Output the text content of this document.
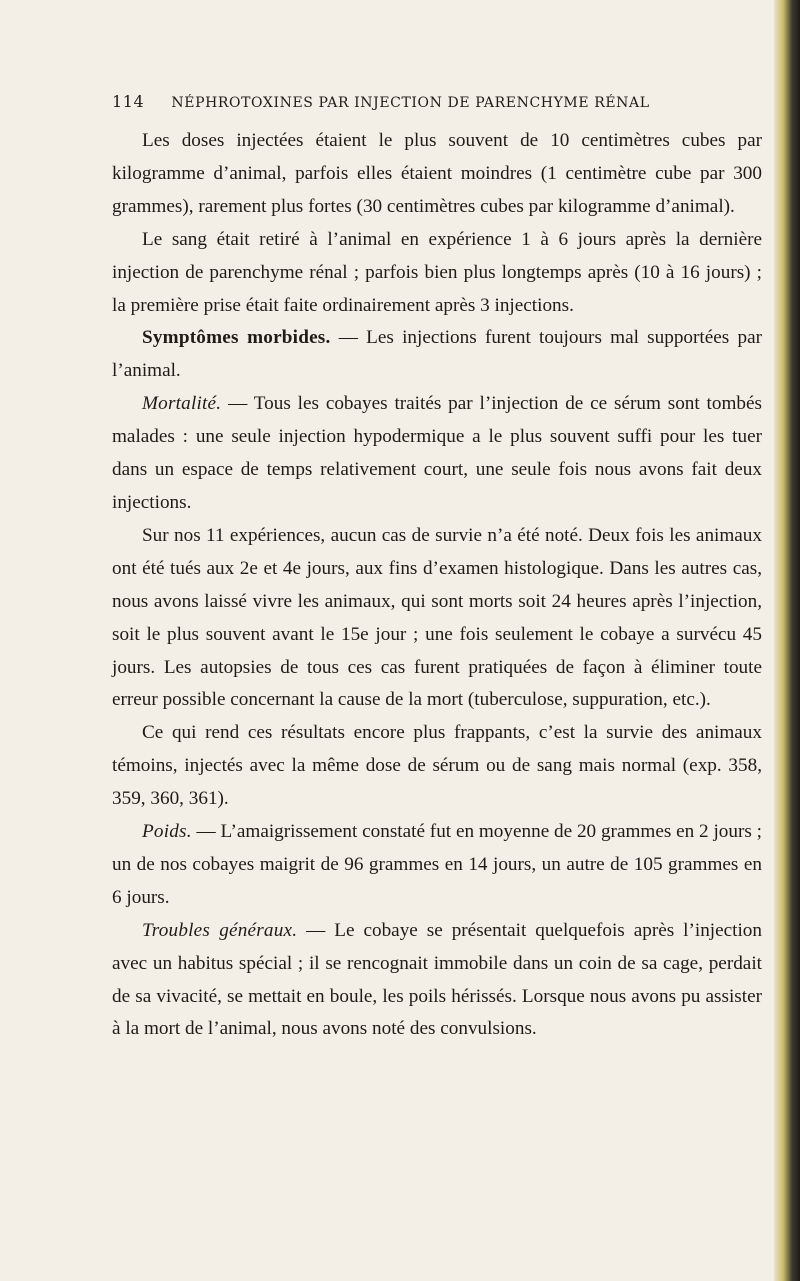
114 NÉPHROTOXINES PAR INJECTION DE PARENCHYME RÉNAL

Les doses injectées étaient le plus souvent de 10 centimètres cubes par kilogramme d’animal, parfois elles étaient moindres (1 centimètre cube par 300 grammes), rarement plus fortes (30 centimètres cubes par kilogramme d’animal).

Le sang était retiré à l’animal en expérience 1 à 6 jours après la dernière injection de parenchyme rénal ; parfois bien plus longtemps après (10 à 16 jours) ; la première prise était faite ordinairement après 3 injections.

Symptômes morbides. — Les injections furent toujours mal supportées par l’animal.

Mortalité. — Tous les cobayes traités par l’injection de ce sérum sont tombés malades : une seule injection hypodermique a le plus souvent suffi pour les tuer dans un espace de temps relativement court, une seule fois nous avons fait deux injections.

Sur nos 11 expériences, aucun cas de survie n’a été noté. Deux fois les animaux ont été tués aux 2e et 4e jours, aux fins d’examen histologique. Dans les autres cas, nous avons laissé vivre les animaux, qui sont morts soit 24 heures après l’injection, soit le plus souvent avant le 15e jour ; une fois seulement le cobaye a survécu 45 jours. Les autopsies de tous ces cas furent pratiquées de façon à éliminer toute erreur possible concernant la cause de la mort (tuberculose, suppuration, etc.).

Ce qui rend ces résultats encore plus frappants, c’est la survie des animaux témoins, injectés avec la même dose de sérum ou de sang mais normal (exp. 358, 359, 360, 361).

Poids. — L’amaigrissement constaté fut en moyenne de 20 grammes en 2 jours ; un de nos cobayes maigrit de 96 grammes en 14 jours, un autre de 105 grammes en 6 jours.

Troubles généraux. — Le cobaye se présentait quelquefois après l’injection avec un habitus spécial ; il se rencognait immobile dans un coin de sa cage, perdait de sa vivacité, se mettait en boule, les poils hérissés. Lorsque nous avons pu assister à la mort de l’animal, nous avons noté des convulsions.
